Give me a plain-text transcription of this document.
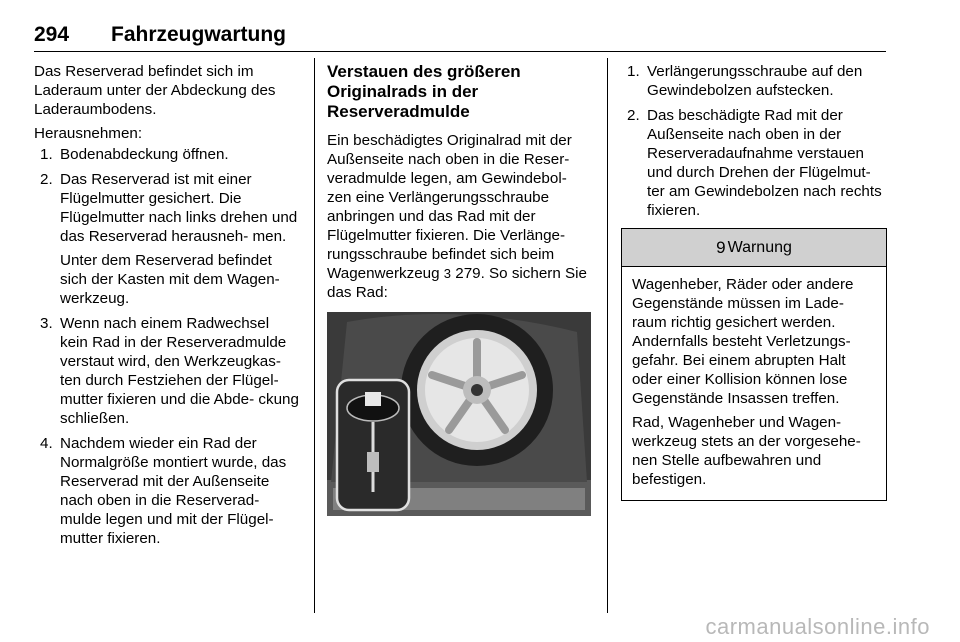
294 Fahrzeugwartung

Das Reserverad befindet sich im Laderaum unter der Abdeckung des Laderaumbodens.

Herausnehmen:

1. Bodenabdeckung öffnen.
2. Das Reserverad ist mit einer Flügelmutter gesichert. Die Flügelmutter nach links drehen und das Reserverad herausneh- men.
Unter dem Reserverad befindet sich der Kasten mit dem Wagen- werkzeug.
3. Wenn nach einem Radwechsel kein Rad in der Reserveradmulde verstaut wird, den Werkzeugkas- ten durch Festziehen der Flügel- mutter fixieren und die Abde- ckung schließen.
4. Nachdem wieder ein Rad der Normalgröße montiert wurde, das Reserverad mit der Außenseite nach oben in die Reserverad- mulde legen und mit der Flügel- mutter fixieren.
Verstauen des größeren Originalrads in der Reserveradmulde

Ein beschädigtes Originalrad mit der Außenseite nach oben in die Reser- veradmulde legen, am Gewindebol- zen eine Verlängerungsschraube anbringen und das Rad mit der Flügelmutter fixieren. Die Verlänge- rungsschraube befindet sich beim Wagenwerkzeug 3 279. So sichern Sie das Rad:

1. Verlängerungsschraube auf den Gewindebolzen aufstecken.
2. Das beschädigte Rad mit der Außenseite nach oben in der Reserveradaufnahme verstauen und durch Drehen der Flügelmut- ter am Gewindebolzen nach rechts fixieren.
9 Warnung

Wagenheber, Räder oder andere Gegenstände müssen im Lade- raum richtig gesichert werden. Andernfalls besteht Verletzungs- gefahr. Bei einem abrupten Halt oder einer Kollision können lose Gegenstände Insassen treffen.

Rad, Wagenheber und Wagen- werkzeug stets an der vorgesehe- nen Stelle aufbewahren und befestigen.

carmanualsonline.info
